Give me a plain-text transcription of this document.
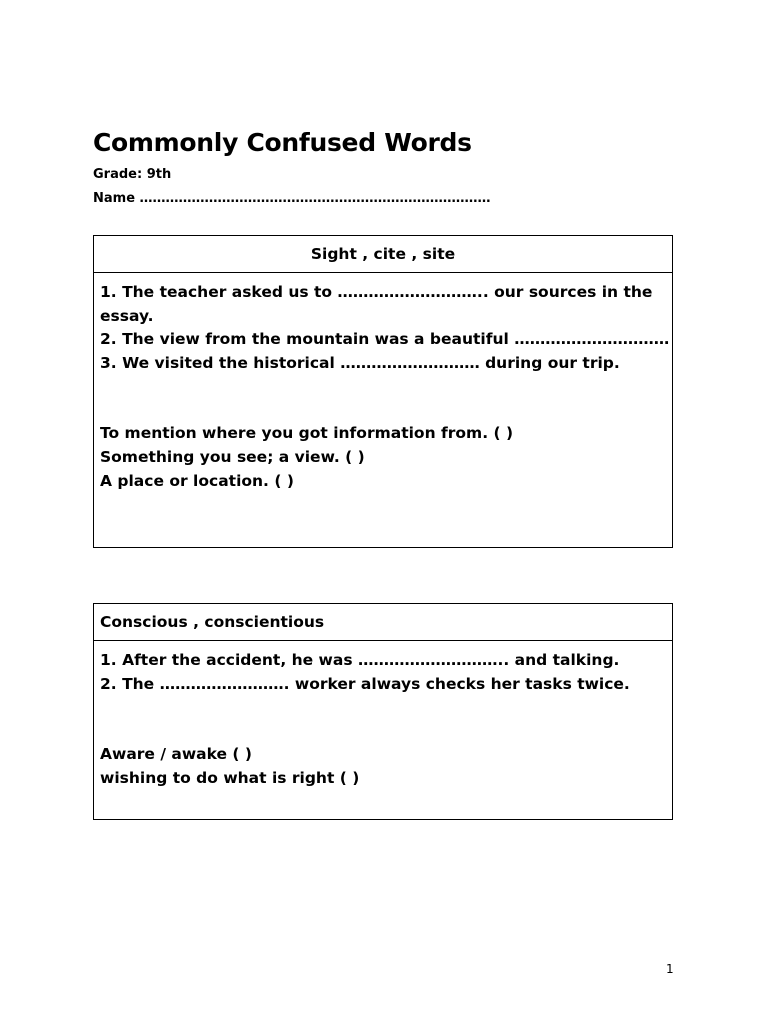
Commonly Confused Words
Grade: 9th
Name ………………………………………………………………………
Sight , cite , site
1. The teacher asked us to ……………………….. our sources in the essay.
2. The view from the mountain was a beautiful …………………………
3. We visited the historical ……………………… during our trip.
To mention where you got information from. ( )
Something you see; a view. ( )
A place or location. ( )
Conscious , conscientious
1. After the accident, he was ……………………….. and talking.
2. The ……………………. worker always checks her tasks twice.
Aware / awake ( )
wishing to do what is right ( )
1
